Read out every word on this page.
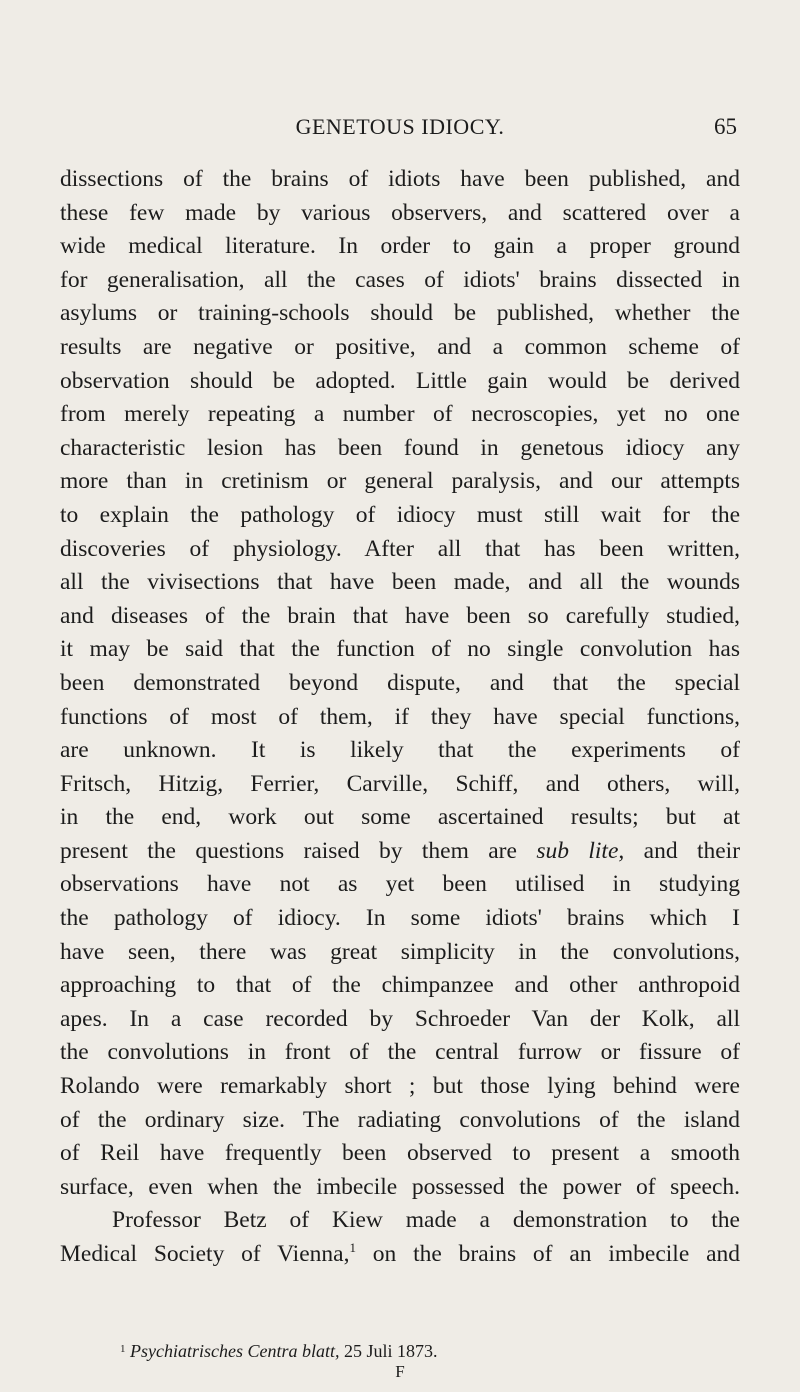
GENETOUS IDIOCY.	65
dissections of the brains of idiots have been published, and
these few made by various observers, and scattered over a
wide medical literature. In order to gain a proper ground
for generalisation, all the cases of idiots' brains dissected in
asylums or training-schools should be published, whether the
results are negative or positive, and a common scheme of
observation should be adopted. Little gain would be derived
from merely repeating a number of necroscopies, yet no one
characteristic lesion has been found in genetous idiocy any
more than in cretinism or general paralysis, and our attempts
to explain the pathology of idiocy must still wait for the
discoveries of physiology. After all that has been written,
all the vivisections that have been made, and all the wounds
and diseases of the brain that have been so carefully studied,
it may be said that the function of no single convolution has
been demonstrated beyond dispute, and that the special
functions of most of them, if they have special functions,
are unknown. It is likely that the experiments of
Fritsch, Hitzig, Ferrier, Carville, Schiff, and others, will,
in the end, work out some ascertained results; but at
present the questions raised by them are sub lite, and their
observations have not as yet been utilised in studying
the pathology of idiocy. In some idiots' brains which I
have seen, there was great simplicity in the convolutions,
approaching to that of the chimpanzee and other anthropoid
apes. In a case recorded by Schroeder Van der Kolk, all
the convolutions in front of the central furrow or fissure of
Rolando were remarkably short ; but those lying behind were
of the ordinary size. The radiating convolutions of the island
of Reil have frequently been observed to present a smooth
surface, even when the imbecile possessed the power of speech.
Professor Betz of Kiew made a demonstration to the
Medical Society of Vienna,$^1$ on the brains of an imbecile and
$^1$ Psychiatrisches Centra blatt, 25 Juli 1873.
F
